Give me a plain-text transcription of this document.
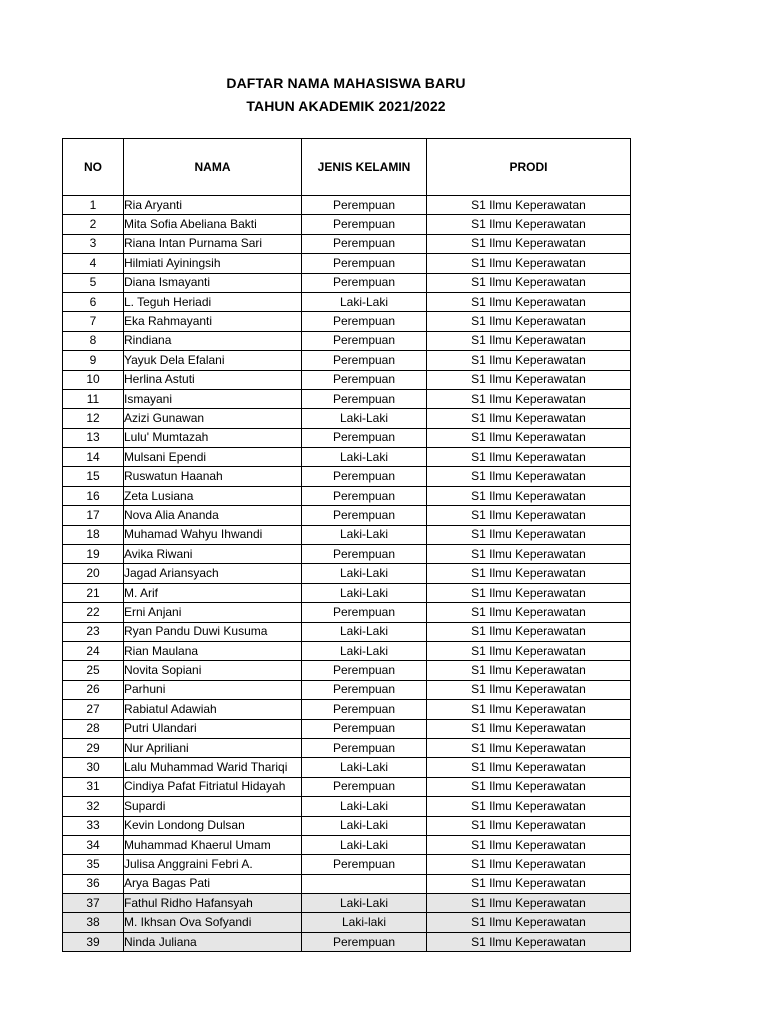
DAFTAR NAMA MAHASISWA BARU
TAHUN AKADEMIK 2021/2022
NO	NAMA	JENIS KELAMIN	PRODI
1	Ria Aryanti	Perempuan	S1 Ilmu Keperawatan
2	Mita Sofia Abeliana Bakti	Perempuan	S1 Ilmu Keperawatan
3	Riana Intan Purnama Sari	Perempuan	S1 Ilmu Keperawatan
4	Hilmiati Ayiningsih	Perempuan	S1 Ilmu Keperawatan
5	Diana Ismayanti	Perempuan	S1 Ilmu Keperawatan
6	L. Teguh Heriadi	Laki-Laki	S1 Ilmu Keperawatan
7	Eka Rahmayanti	Perempuan	S1 Ilmu Keperawatan
8	Rindiana	Perempuan	S1 Ilmu Keperawatan
9	Yayuk Dela Efalani	Perempuan	S1 Ilmu Keperawatan
10	Herlina Astuti	Perempuan	S1 Ilmu Keperawatan
11	Ismayani	Perempuan	S1 Ilmu Keperawatan
12	Azizi Gunawan	Laki-Laki	S1 Ilmu Keperawatan
13	Lulu' Mumtazah	Perempuan	S1 Ilmu Keperawatan
14	Mulsani Ependi	Laki-Laki	S1 Ilmu Keperawatan
15	Ruswatun Haanah	Perempuan	S1 Ilmu Keperawatan
16	Zeta Lusiana	Perempuan	S1 Ilmu Keperawatan
17	Nova Alia Ananda	Perempuan	S1 Ilmu Keperawatan
18	Muhamad Wahyu Ihwandi	Laki-Laki	S1 Ilmu Keperawatan
19	Avika Riwani	Perempuan	S1 Ilmu Keperawatan
20	Jagad Ariansyach	Laki-Laki	S1 Ilmu Keperawatan
21	M. Arif	Laki-Laki	S1 Ilmu Keperawatan
22	Erni Anjani	Perempuan	S1 Ilmu Keperawatan
23	Ryan Pandu Duwi Kusuma	Laki-Laki	S1 Ilmu Keperawatan
24	Rian Maulana	Laki-Laki	S1 Ilmu Keperawatan
25	Novita Sopiani	Perempuan	S1 Ilmu Keperawatan
26	Parhuni	Perempuan	S1 Ilmu Keperawatan
27	Rabiatul Adawiah	Perempuan	S1 Ilmu Keperawatan
28	Putri Ulandari	Perempuan	S1 Ilmu Keperawatan
29	Nur Apriliani	Perempuan	S1 Ilmu Keperawatan
30	Lalu Muhammad Warid Thariqi	Laki-Laki	S1 Ilmu Keperawatan
31	Cindiya Pafat Fitriatul Hidayah	Perempuan	S1 Ilmu Keperawatan
32	Supardi	Laki-Laki	S1 Ilmu Keperawatan
33	Kevin Londong Dulsan	Laki-Laki	S1 Ilmu Keperawatan
34	Muhammad Khaerul Umam	Laki-Laki	S1 Ilmu Keperawatan
35	Julisa Anggraini Febri A.	Perempuan	S1 Ilmu Keperawatan
36	Arya Bagas Pati		S1 Ilmu Keperawatan
37	Fathul Ridho Hafansyah	Laki-Laki	S1 Ilmu Keperawatan
38	M. Ikhsan Ova Sofyandi	Laki-laki	S1 Ilmu Keperawatan
39	Ninda Juliana	Perempuan	S1 Ilmu Keperawatan
